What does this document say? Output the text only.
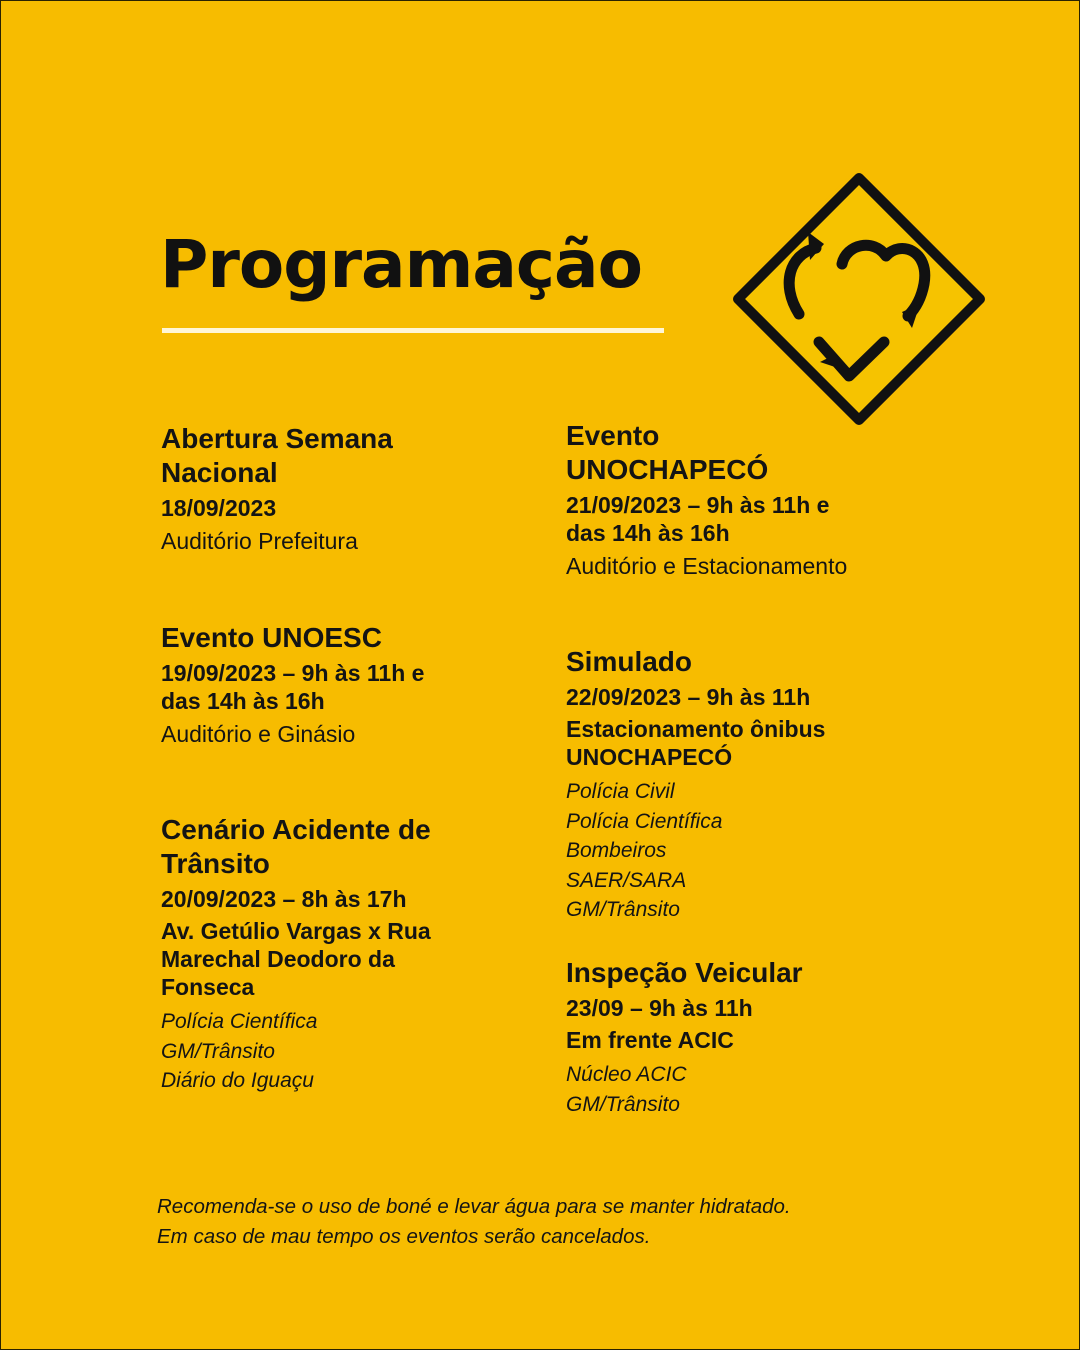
Programação
Abertura Semana Nacional
18/09/2023
Auditório Prefeitura
Evento UNOESC
19/09/2023 – 9h às 11h e das 14h às 16h
Auditório e Ginásio
Cenário Acidente de Trânsito
20/09/2023 – 8h às 17h
Av. Getúlio Vargas x Rua Marechal Deodoro da Fonseca
Polícia Científica
GM/Trânsito
Diário do Iguaçu
Evento UNOCHAPECÓ
21/09/2023 – 9h às 11h e das 14h às 16h
Auditório e Estacionamento
Simulado
22/09/2023 – 9h às 11h
Estacionamento ônibus UNOCHAPECÓ
Polícia Civil
Polícia Científica
Bombeiros
SAER/SARA
GM/Trânsito
Inspeção Veicular
23/09 – 9h às 11h
Em frente ACIC
Núcleo ACIC
GM/Trânsito
Recomenda-se o uso de boné e levar água para se manter hidratado.
Em caso de mau tempo os eventos serão cancelados.
